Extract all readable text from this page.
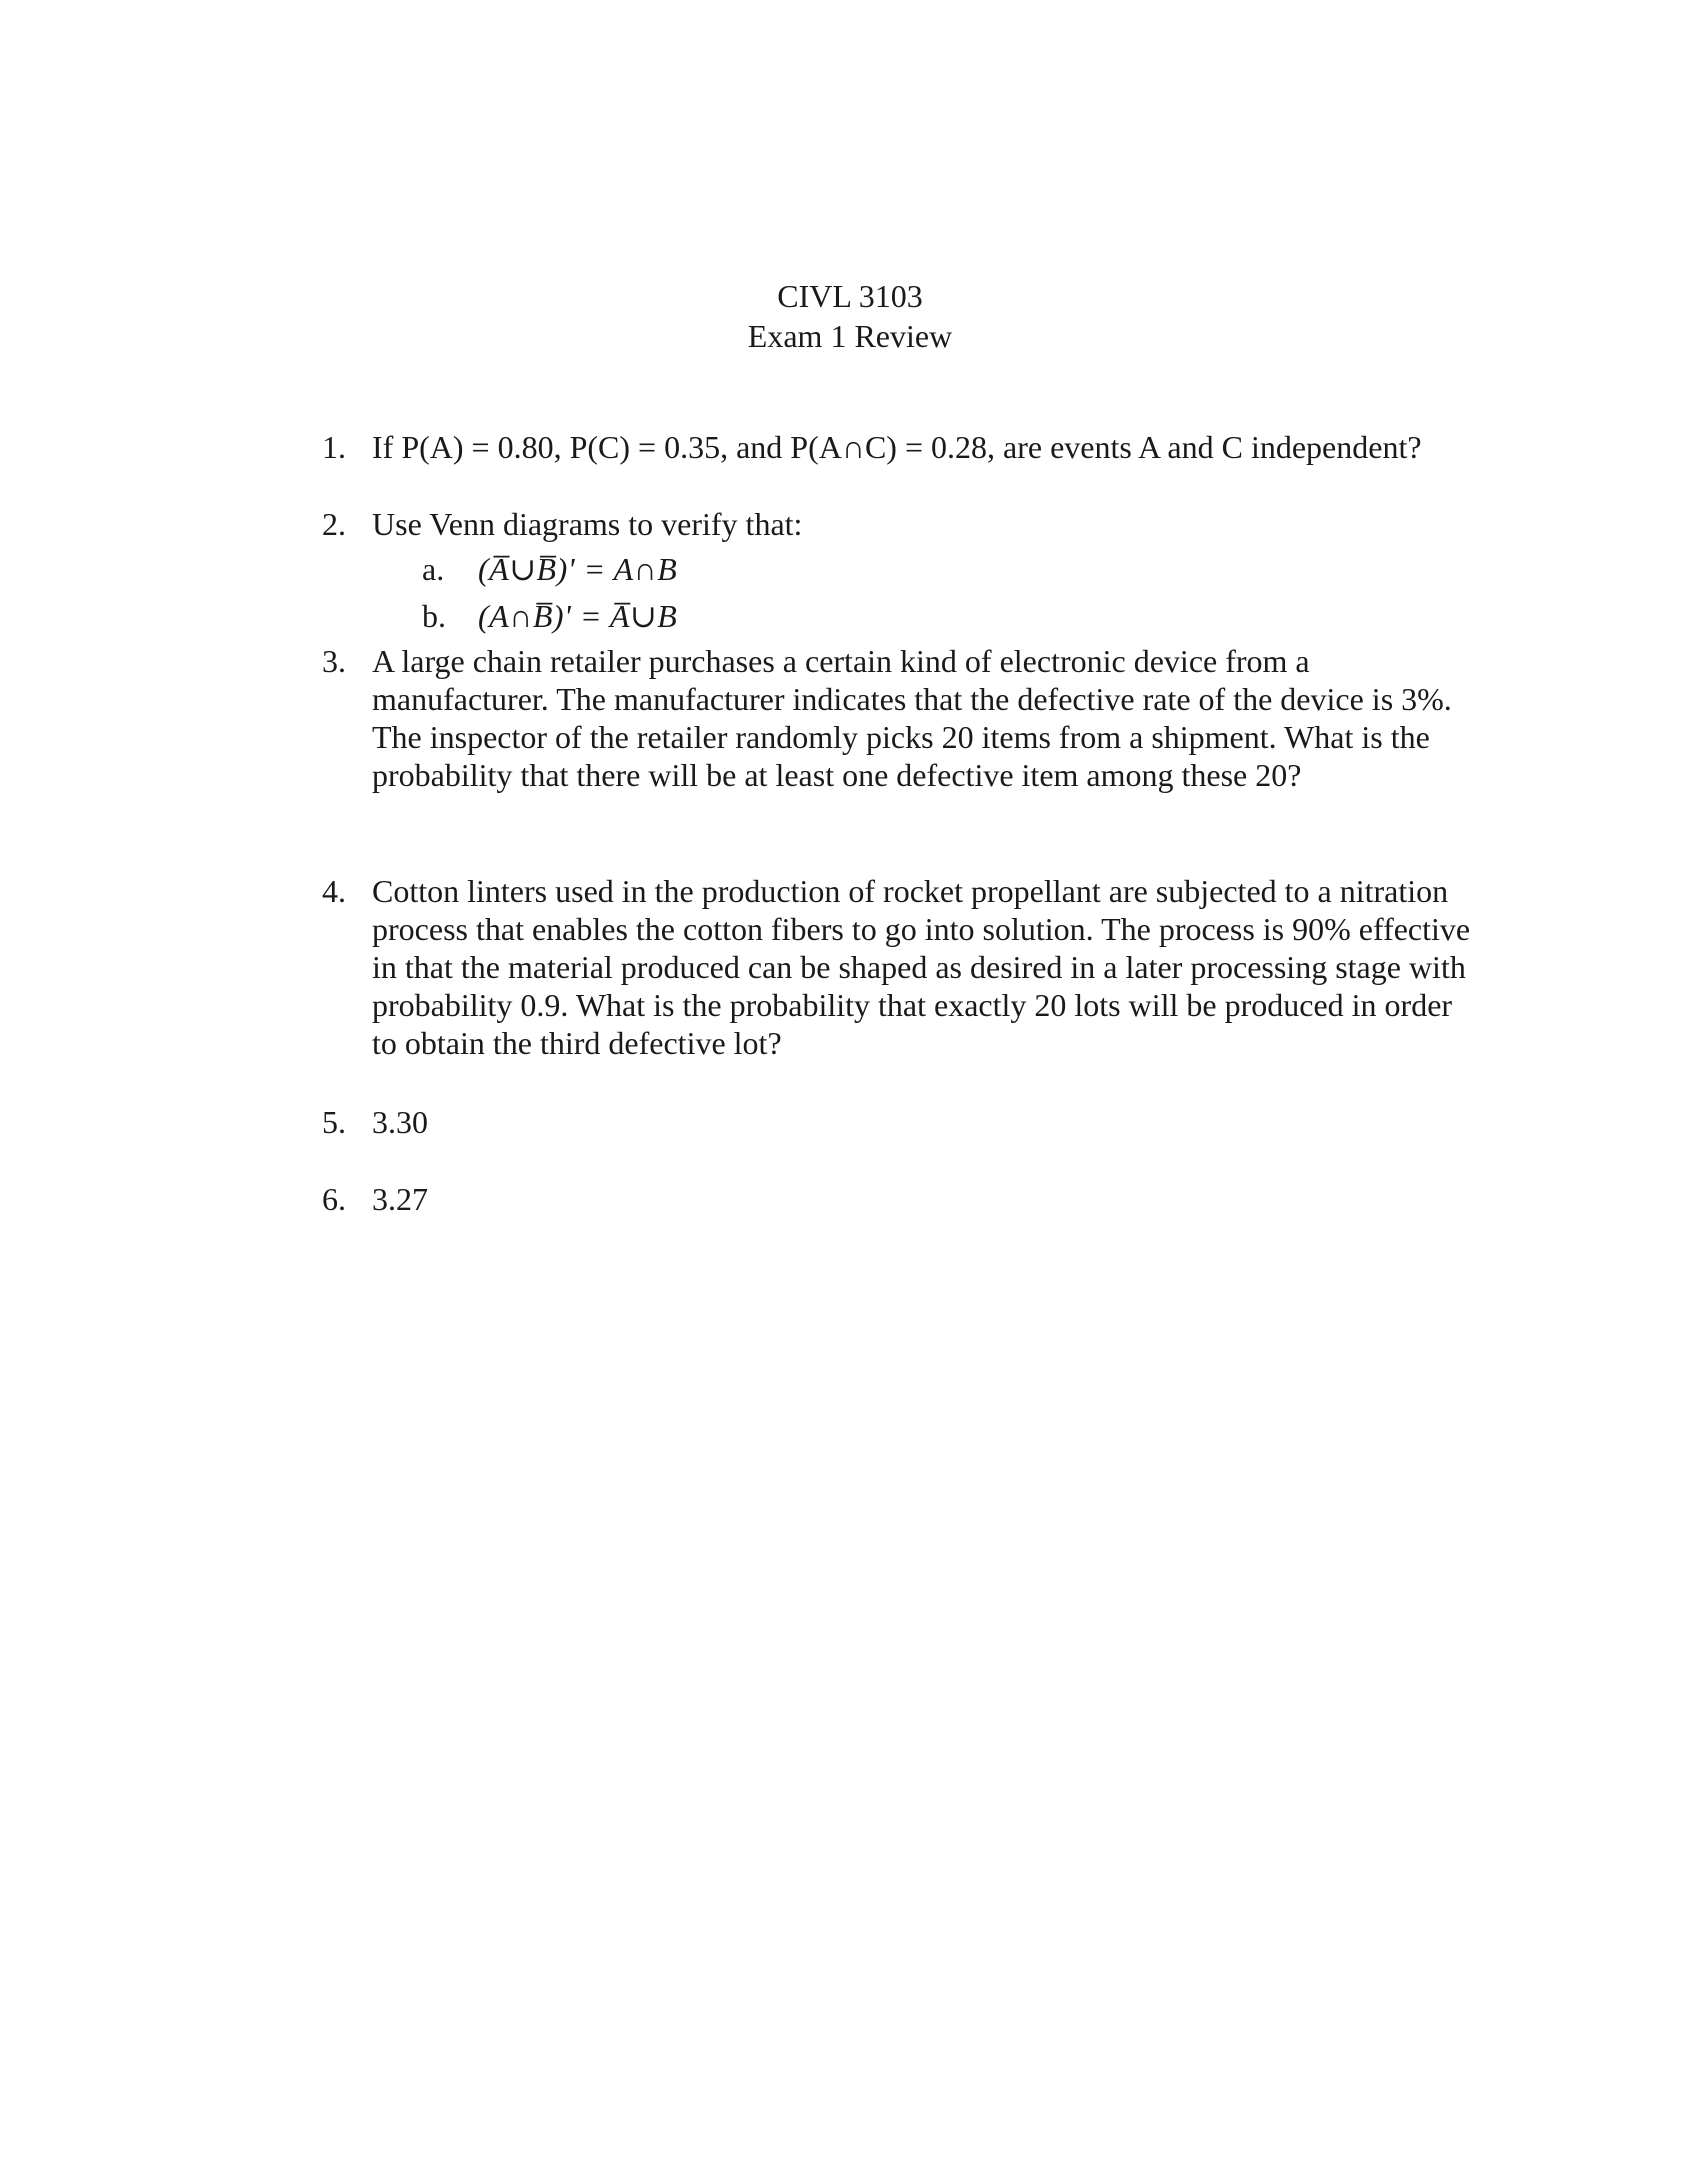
CIVL 3103
Exam 1 Review
1. If P(A) = 0.80, P(C) = 0.35, and P(A∩C) = 0.28, are events A and C independent?
2. Use Venn diagrams to verify that:
a.	(A̅∪B̅)' = A∩B
b.	(A∩B̅)' = A̅∪B
3. A large chain retailer purchases a certain kind of electronic device from a manufacturer. The manufacturer indicates that the defective rate of the device is 3%. The inspector of the retailer randomly picks 20 items from a shipment. What is the probability that there will be at least one defective item among these 20?
4. Cotton linters used in the production of rocket propellant are subjected to a nitration process that enables the cotton fibers to go into solution. The process is 90% effective in that the material produced can be shaped as desired in a later processing stage with probability 0.9. What is the probability that exactly 20 lots will be produced in order to obtain the third defective lot?
5. 3.30
6. 3.27
